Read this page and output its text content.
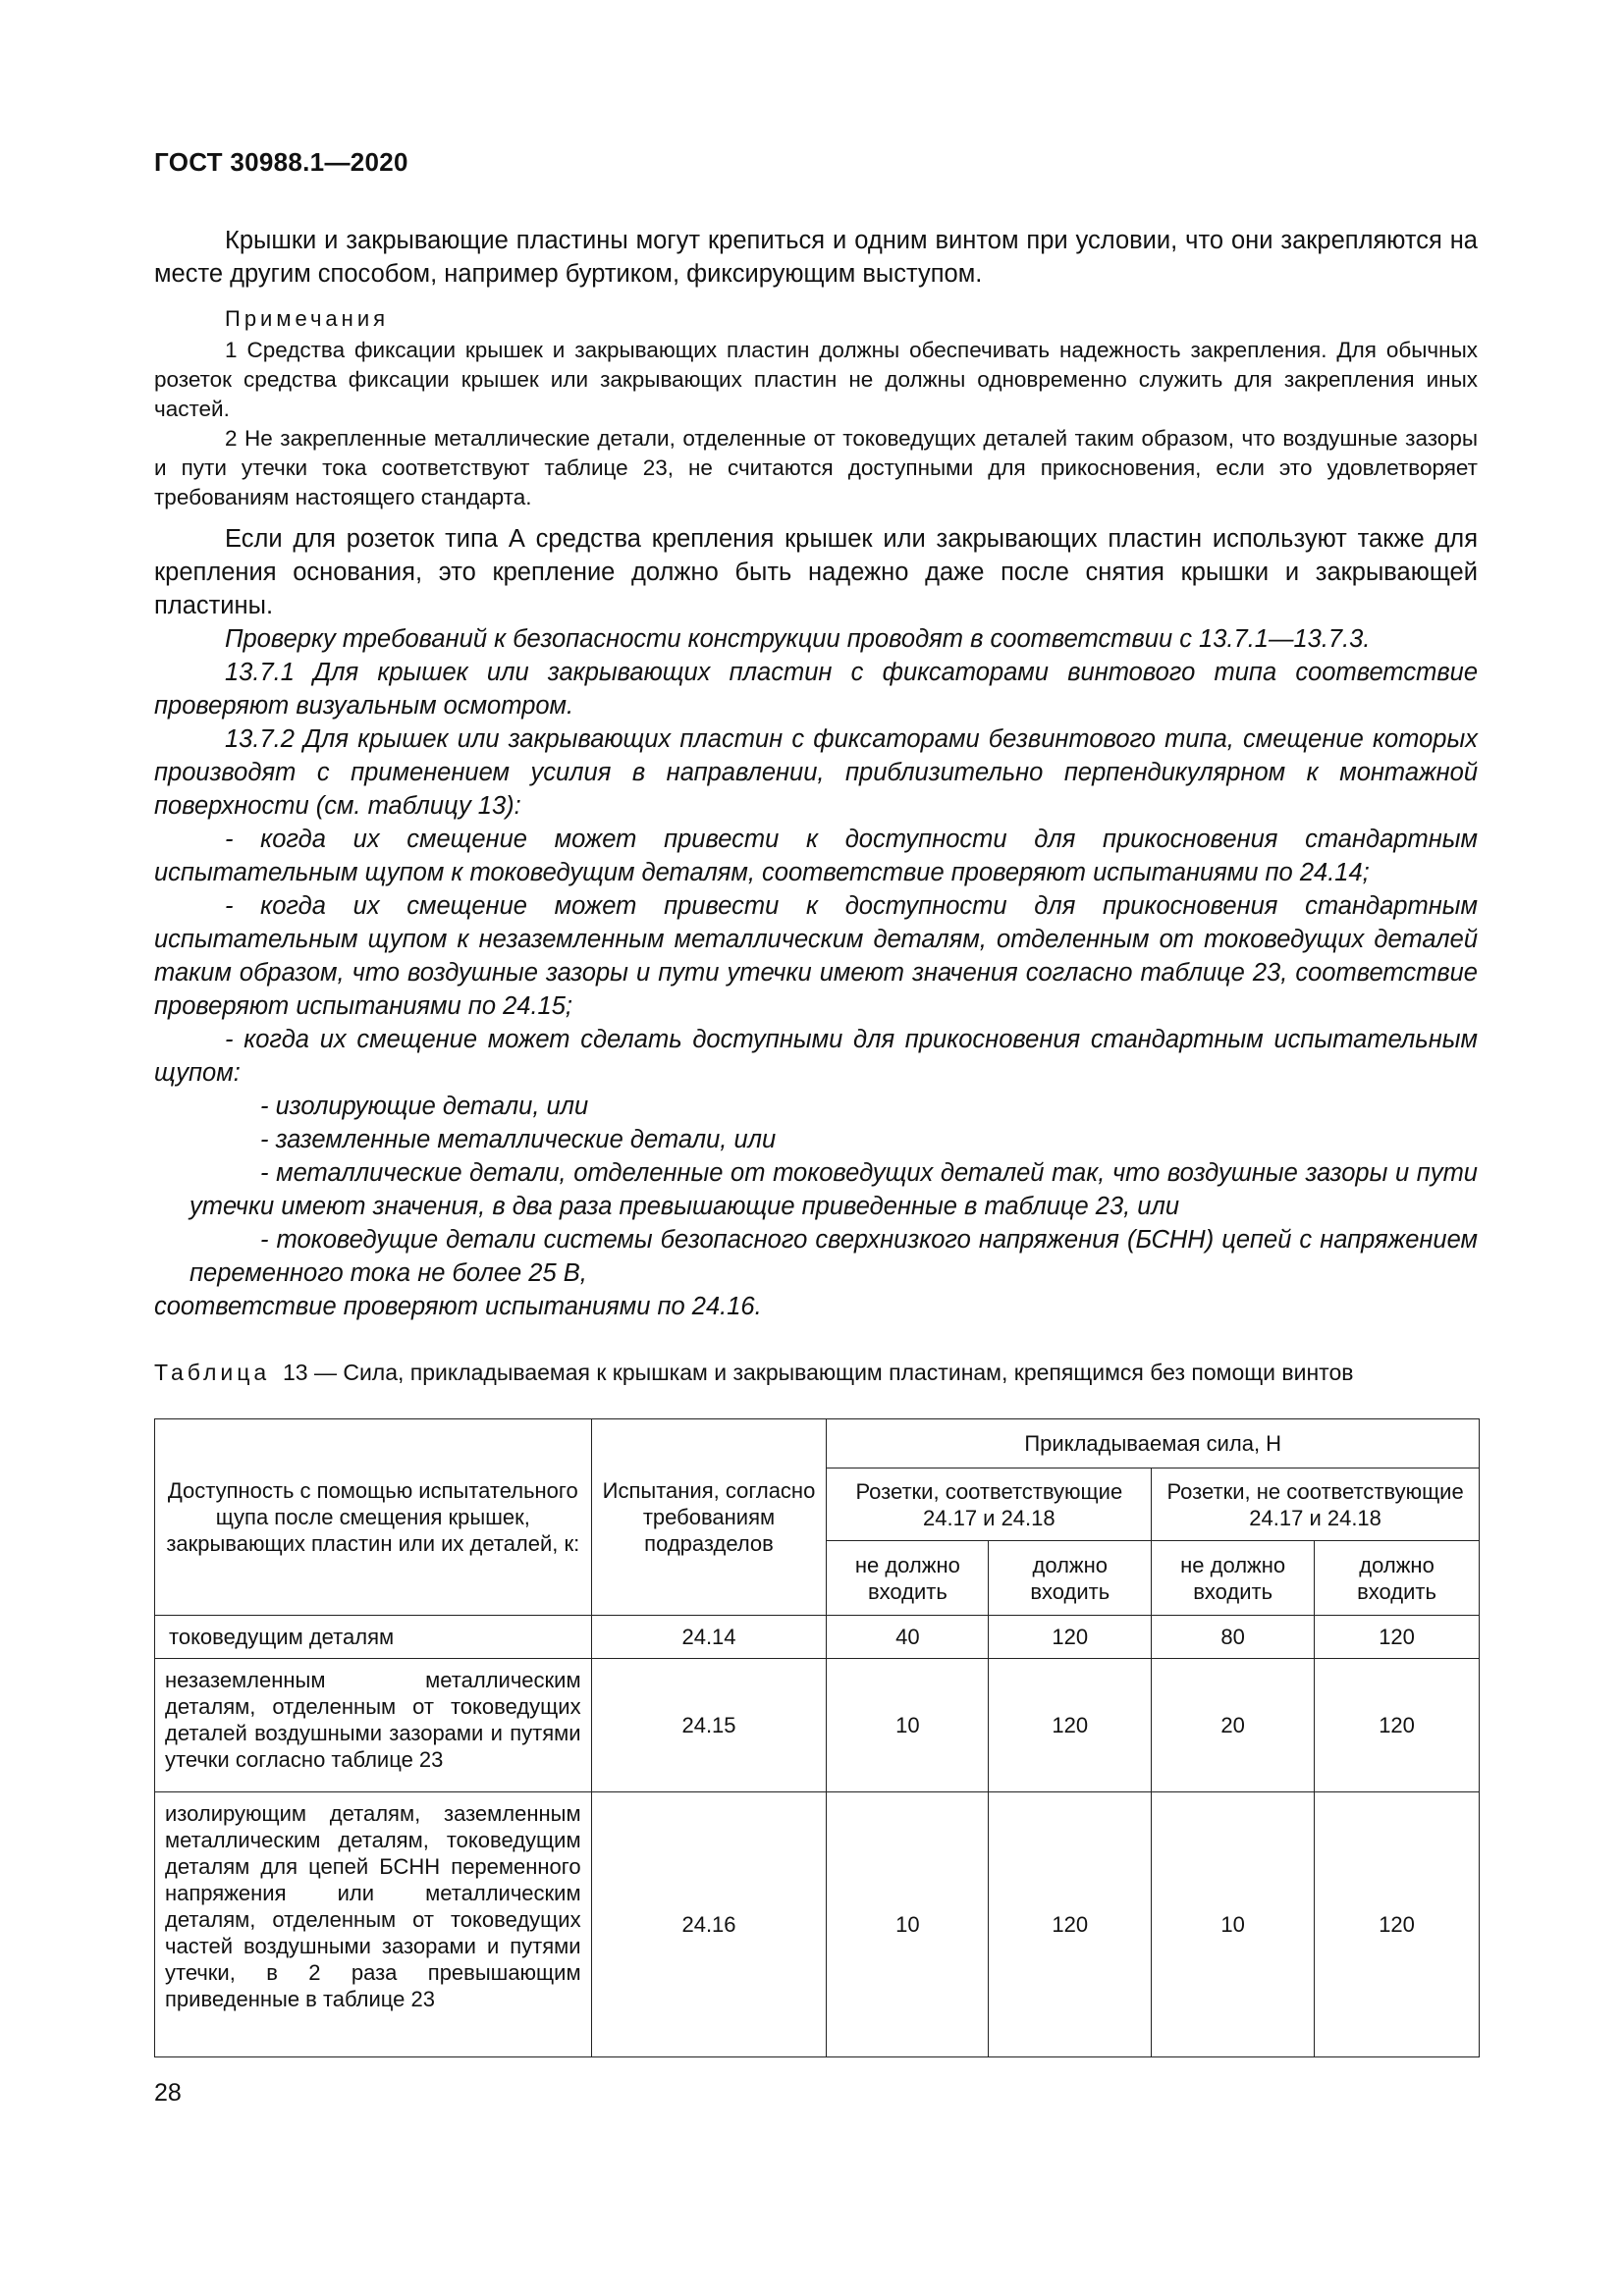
ГОСТ 30988.1—2020

Крышки и закрывающие пластины могут крепиться и одним винтом при условии, что они закрепляются на месте другим способом, например буртиком, фиксирующим выступом.

Примечания

1 Средства фиксации крышек и закрывающих пластин должны обеспечивать надежность закрепления. Для обычных розеток средства фиксации крышек или закрывающих пластин не должны одновременно служить для закрепления иных частей.

2 Не закрепленные металлические детали, отделенные от токоведущих деталей таким образом, что воздушные зазоры и пути утечки тока соответствуют таблице 23, не считаются доступными для прикосновения, если это удовлетворяет требованиям настоящего стандарта.

Если для розеток типа А средства крепления крышек или закрывающих пластин используют также для крепления основания, это крепление должно быть надежно даже после снятия крышки и закрывающей пластины.

Проверку требований к безопасности конструкции проводят в соответствии с 13.7.1—13.7.3.

13.7.1 Для крышек или закрывающих пластин с фиксаторами винтового типа соответствие проверяют визуальным осмотром.

13.7.2 Для крышек или закрывающих пластин с фиксаторами безвинтового типа, смещение которых производят с применением усилия в направлении, приблизительно перпендикулярном к монтажной поверхности (см. таблицу 13):

- когда их смещение может привести к доступности для прикосновения стандартным испытательным щупом к токоведущим деталям, соответствие проверяют испытаниями по 24.14;

- когда их смещение может привести к доступности для прикосновения стандартным испытательным щупом к незаземленным металлическим деталям, отделенным от токоведущих деталей таким образом, что воздушные зазоры и пути утечки имеют значения согласно таблице 23, соответствие проверяют испытаниями по 24.15;

- когда их смещение может сделать доступными для прикосновения стандартным испытательным щупом:

- изолирующие детали, или

- заземленные металлические детали, или

- металлические детали, отделенные от токоведущих деталей так, что воздушные зазоры и пути утечки имеют значения, в два раза превышающие приведенные в таблице 23, или

- токоведущие детали системы безопасного сверхнизкого напряжения (БСНН) цепей с напряжением переменного тока не более 25 В,

соответствие проверяют испытаниями по 24.16.

Таблица 13 — Сила, прикладываемая к крышкам и закрывающим пластинам, крепящимся без помощи винтов
Доступность с помощью испытательного щупа после смещения крышек, закрывающих пластин или их деталей, к:	Испытания, согласно требованиям подразделов	Прикладываемая сила, Н			
		Розетки, соответствующие 24.17 и 24.18		Розетки, не соответствующие 24.17 и 24.18	
		не должно входить	должно входить	не должно входить	должно входить
токоведущим деталям	24.14	40	120	80	120
незаземленным металлическим деталям, отделенным от токоведущих деталей воздушными зазорами и путями утечки согласно таблице 23	24.15	10	120	20	120
изолирующим деталям, заземленным металлическим деталям, токоведущим деталям для цепей БСНН переменного напряжения или металлическим деталям, отделенным от токоведущих частей воздушными зазорами и путями утечки, в 2 раза превышающим приведенные в таблице 23	24.16	10	120	10	120
28
